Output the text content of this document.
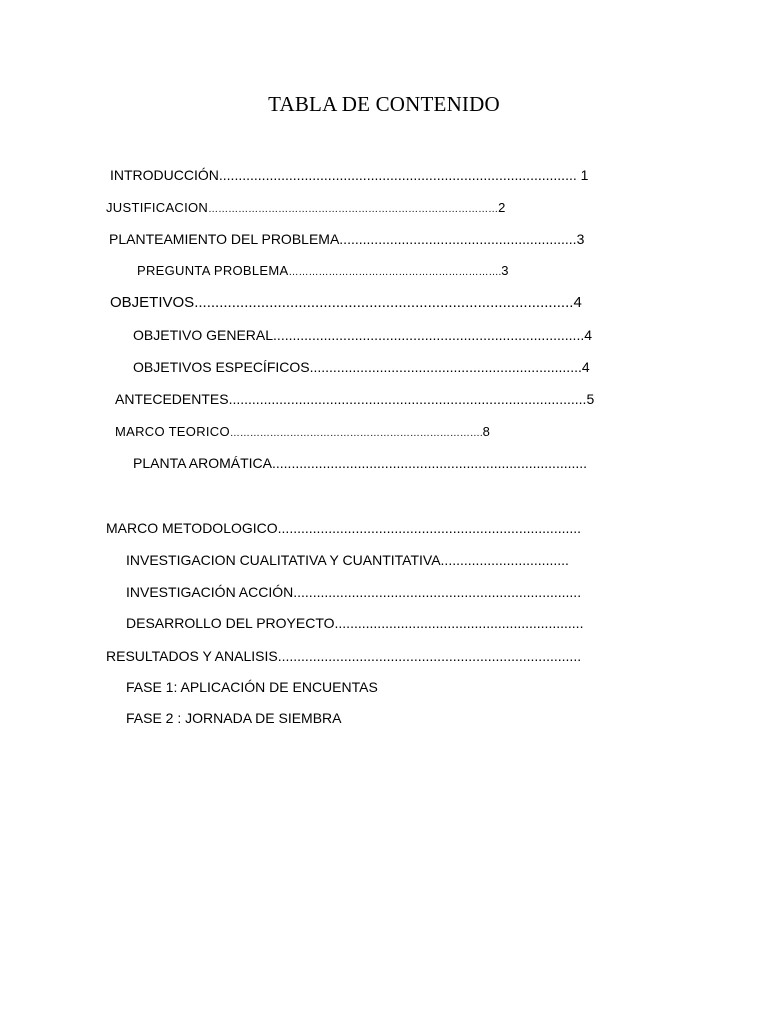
TABLA DE CONTENIDO
INTRODUCCIÓN............................................................................................ 1
JUSTIFICACION……………………………………………………………………………2
PLANTEAMIENTO DEL PROBLEMA.............................................................3
PREGUNTA PROBLEMA……………………………………………………….3
OBJETIVOS...........................................................................................4
OBJETIVO GENERAL................................................................................4
OBJETIVOS ESPECÍFICOS......................................................................4
ANTECEDENTES............................................................................................5
MARCO TEORICO………………………………………………………………….8
PLANTA AROMÁTICA.................................................................................
MARCO METODOLOGICO..............................................................................
INVESTIGACION CUALITATIVA Y CUANTITATIVA.................................
INVESTIGACIÓN ACCIÓN..........................................................................
DESARROLLO DEL PROYECTO................................................................
RESULTADOS Y ANALISIS..............................................................................
FASE 1: APLICACIÓN DE ENCUENTAS
FASE 2 : JORNADA DE SIEMBRA
